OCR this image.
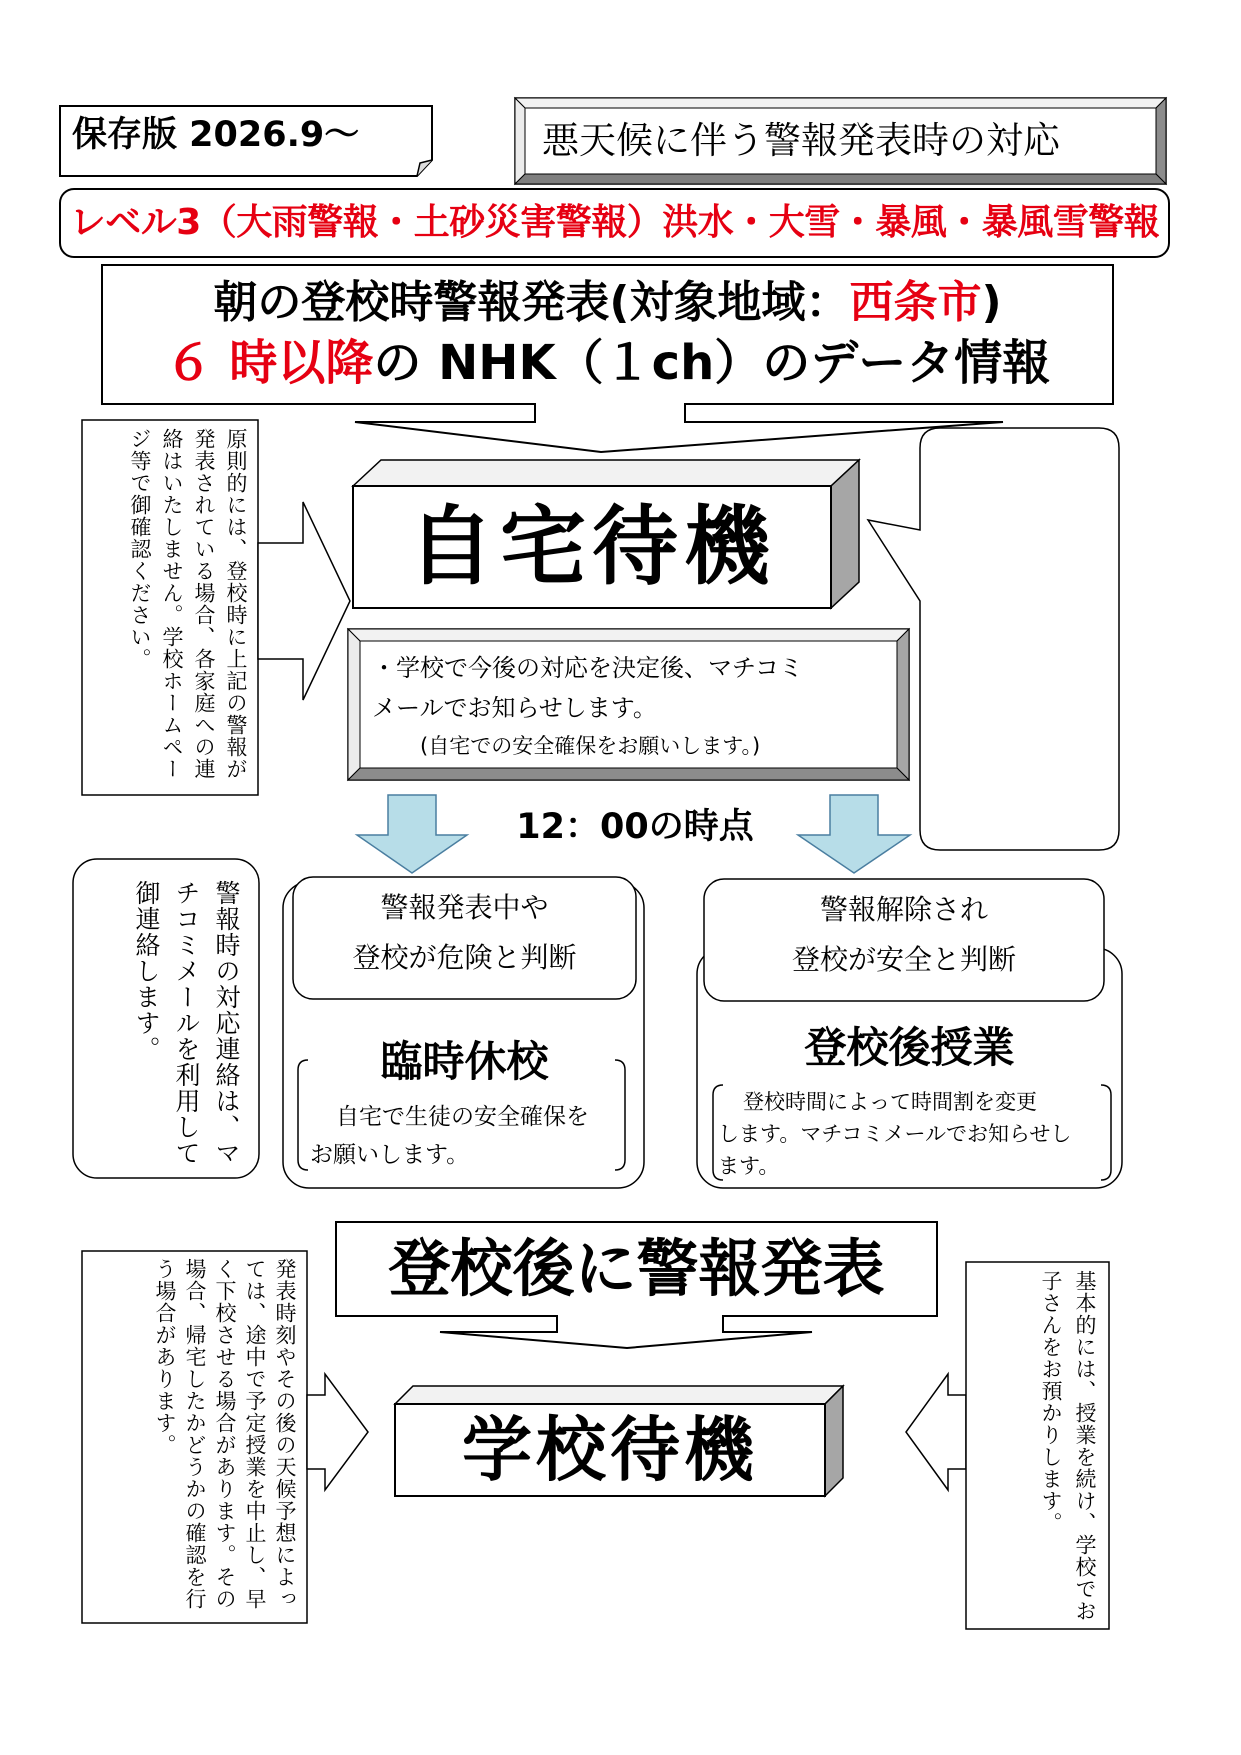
保存版 2026.9～	悪天候に伴う警報発表時の対応
レベル3（大雨警報・土砂災害警報）洪水・大雪・暴風・暴風雪警報
朝の登校時警報発表(対象地域：西条市)
６ 時以降の NHK（１ch）のデータ情報
原則的には、登校時に上記の警報が発表されている場合、各家庭への連絡はいたしません。学校ホームページ等で御確認ください。	自宅待機
・学校で今後の対応を決定後、マチコミ
メールでお知らせします。
(自宅での安全確保をお願いします。)
12：00の時点
警報時の対応連絡は、マチコミメールを利用して御連絡します。	警報発表中や
登校が危険と判断
臨時休校
自宅で生徒の安全確保を
お願いします。
警報解除され
登校が安全と判断
登校後授業
登校時間によって時間割を変更
します。マチコミメールでお知らせし
ます。
登校後に警報発表
発表時刻やその後の天候予想によっては、途中で予定授業を中止し、早く下校させる場合があります。その場合、帰宅したかどうかの確認を行う場合があります。	学校待機	基本的には、授業を続け、学校でお子さんをお預かりします。
